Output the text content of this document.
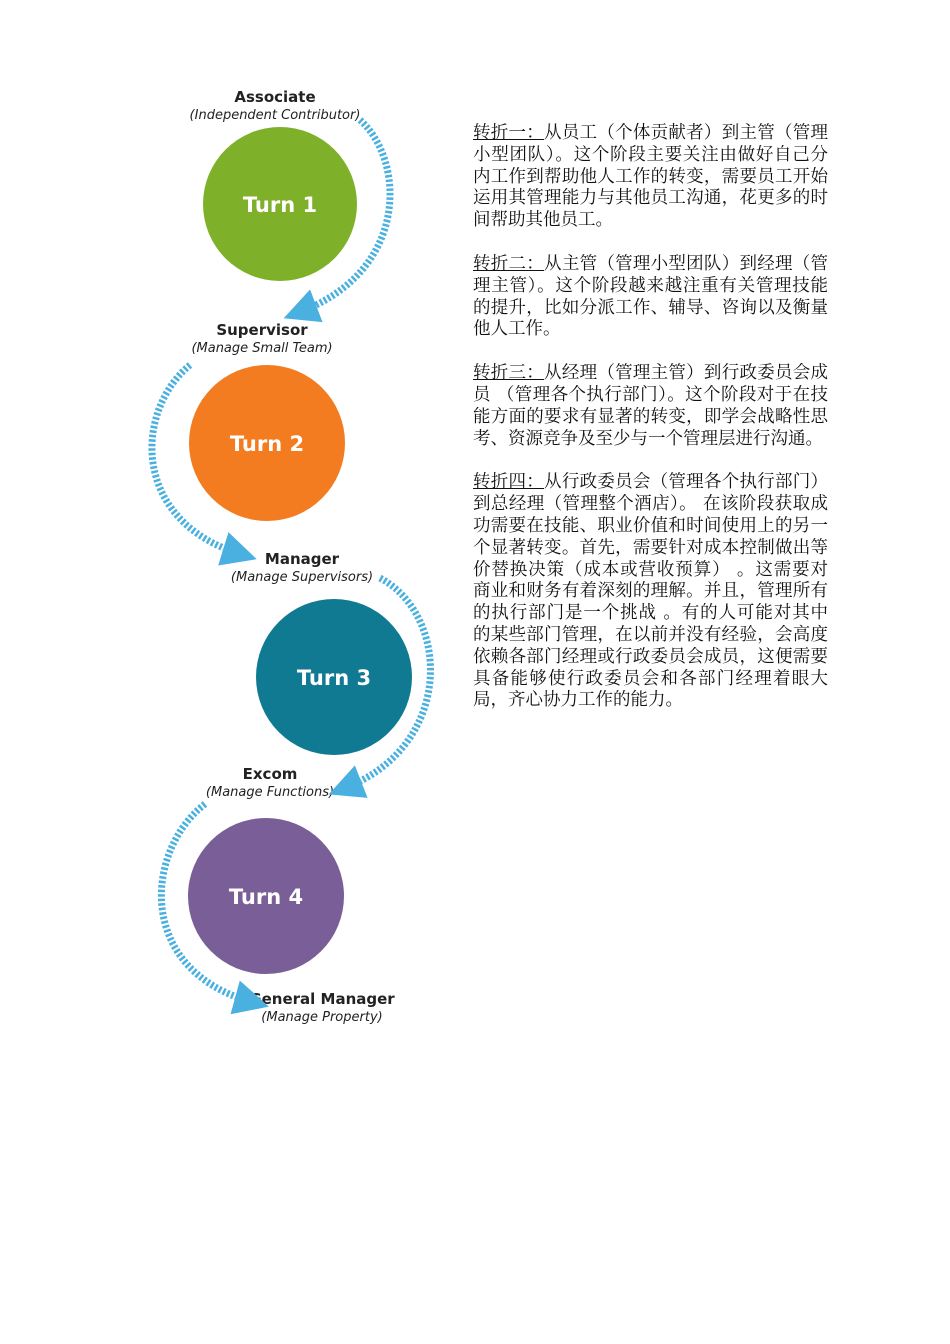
Associate
(Independent Contributor)
Supervisor
(Manage Small Team)
Manager
(Manage Supervisors)
Excom
(Manage Functions)
General Manager
(Manage Property)
Turn 1
Turn 2
Turn 3
Turn 4

转折一：从员工（个体贡献者）到主管（管理小型团队）。这个阶段主要关注由做好自己分内工作到帮助他人工作的转变，需要员工开始运用其管理能力与其他员工沟通，花更多的时间帮助其他员工。

转折二：从主管（管理小型团队）到经理（管理主管）。这个阶段越来越注重有关管理技能的提升，比如分派工作、辅导、咨询以及衡量他人工作。

转折三：从经理（管理主管）到行政委员会成员 （管理各个执行部门）。这个阶段对于在技能方面的要求有显著的转变，即学会战略性思考、资源竞争及至少与一个管理层进行沟通。

转折四：从行政委员会（管理各个执行部门）到总经理（管理整个酒店）。 在该阶段获取成功需要在技能、职业价值和时间使用上的另一个显著转变。首先，需要针对成本控制做出等价替换决策（成本或营收预算） 。这需要对商业和财务有着深刻的理解。并且，管理所有的执行部门是一个挑战 。有的人可能对其中的某些部门管理，在以前并没有经验，会高度依赖各部门经理或行政委员会成员，这便需要具备能够使行政委员会和各部门经理着眼大局，齐心协力工作的能力。
